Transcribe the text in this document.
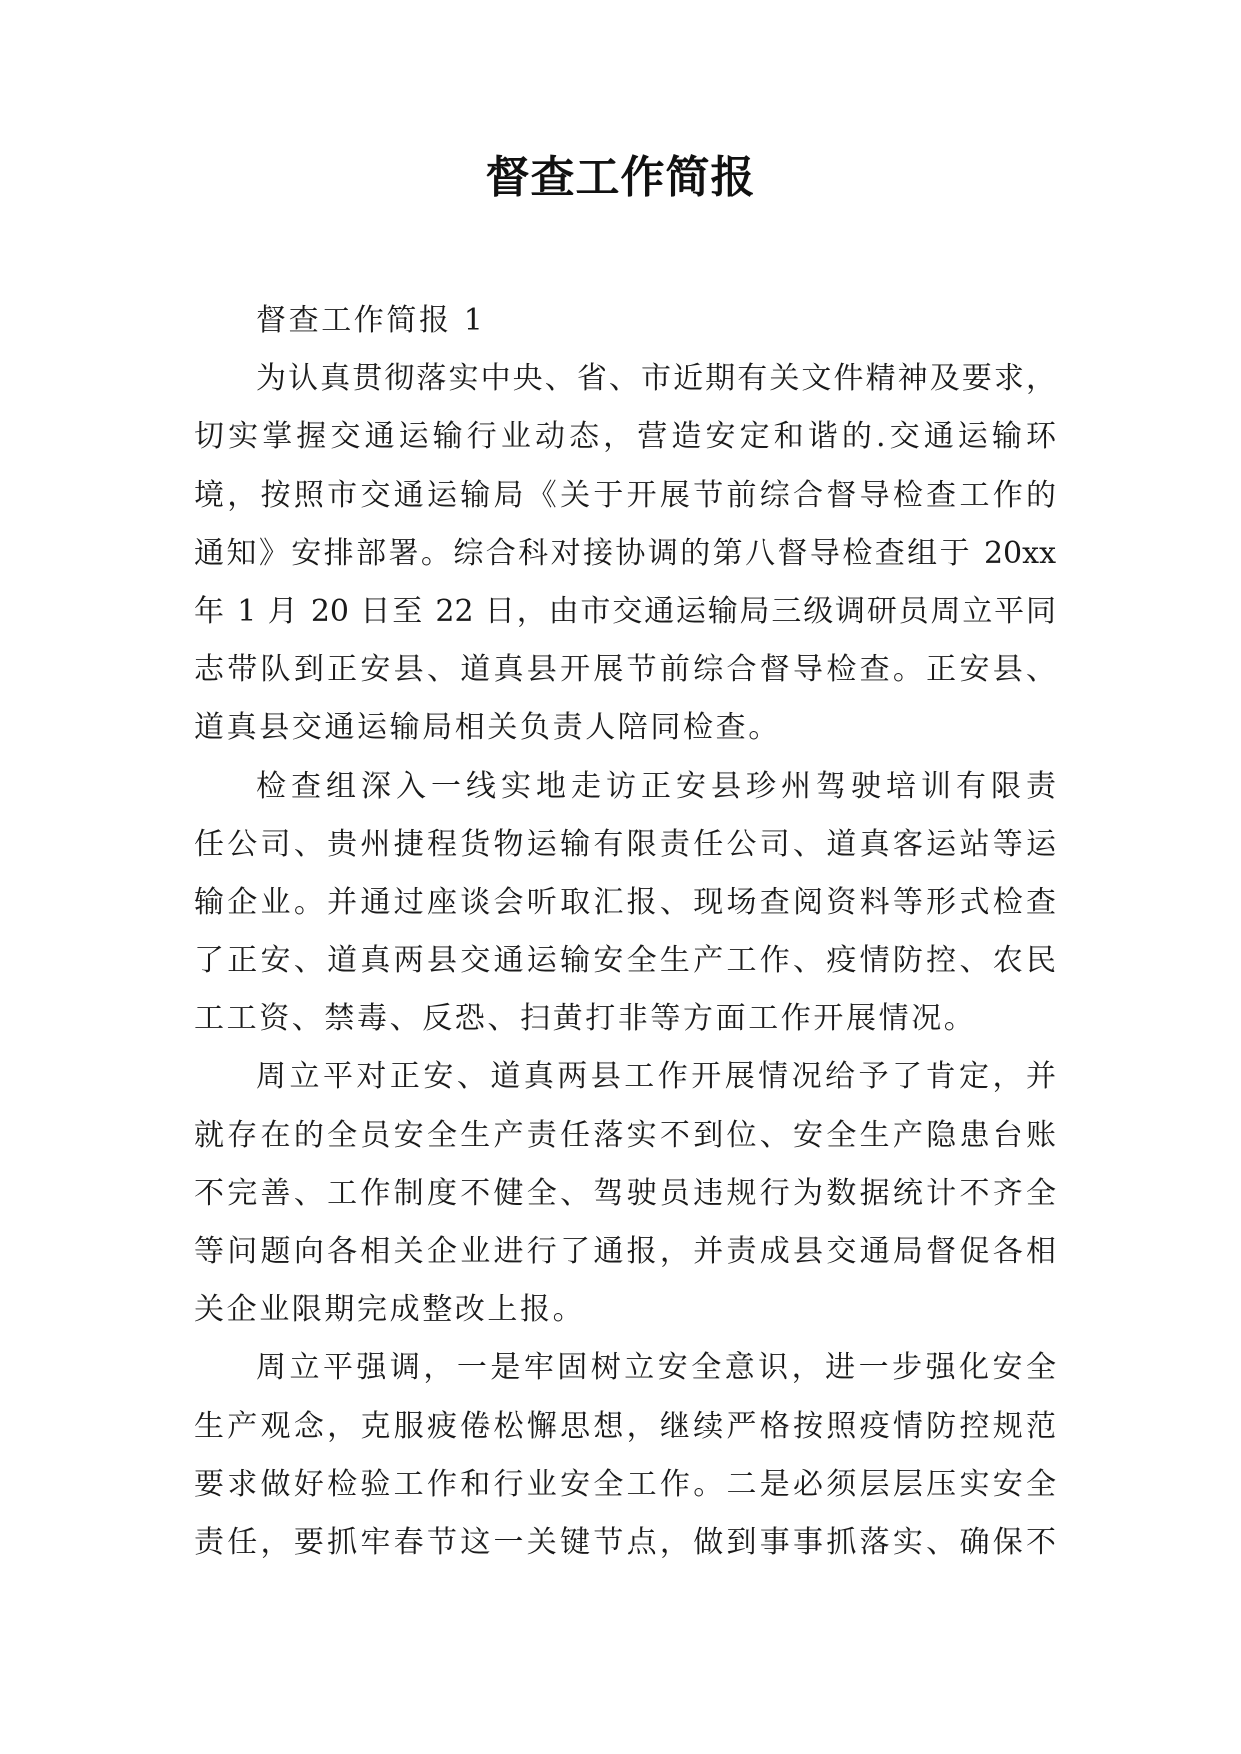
督查工作简报
督查工作简报 1
为认真贯彻落实中央、省、市近期有关文件精神及要求，
切实掌握交通运输行业动态，营造安定和谐的.交通运输环
境，按照市交通运输局《关于开展节前综合督导检查工作的
通知》安排部署。综合科对接协调的第八督导检查组于 20xx
年 1 月 20 日至 22 日，由市交通运输局三级调研员周立平同
志带队到正安县、道真县开展节前综合督导检查。正安县、
道真县交通运输局相关负责人陪同检查。
检查组深入一线实地走访正安县珍州驾驶培训有限责
任公司、贵州捷程货物运输有限责任公司、道真客运站等运
输企业。并通过座谈会听取汇报、现场查阅资料等形式检查
了正安、道真两县交通运输安全生产工作、疫情防控、农民
工工资、禁毒、反恐、扫黄打非等方面工作开展情况。
周立平对正安、道真两县工作开展情况给予了肯定，并
就存在的全员安全生产责任落实不到位、安全生产隐患台账
不完善、工作制度不健全、驾驶员违规行为数据统计不齐全
等问题向各相关企业进行了通报，并责成县交通局督促各相
关企业限期完成整改上报。
周立平强调，一是牢固树立安全意识，进一步强化安全
生产观念，克服疲倦松懈思想，继续严格按照疫情防控规范
要求做好检验工作和行业安全工作。二是必须层层压实安全
责任，要抓牢春节这一关键节点，做到事事抓落实、确保不
